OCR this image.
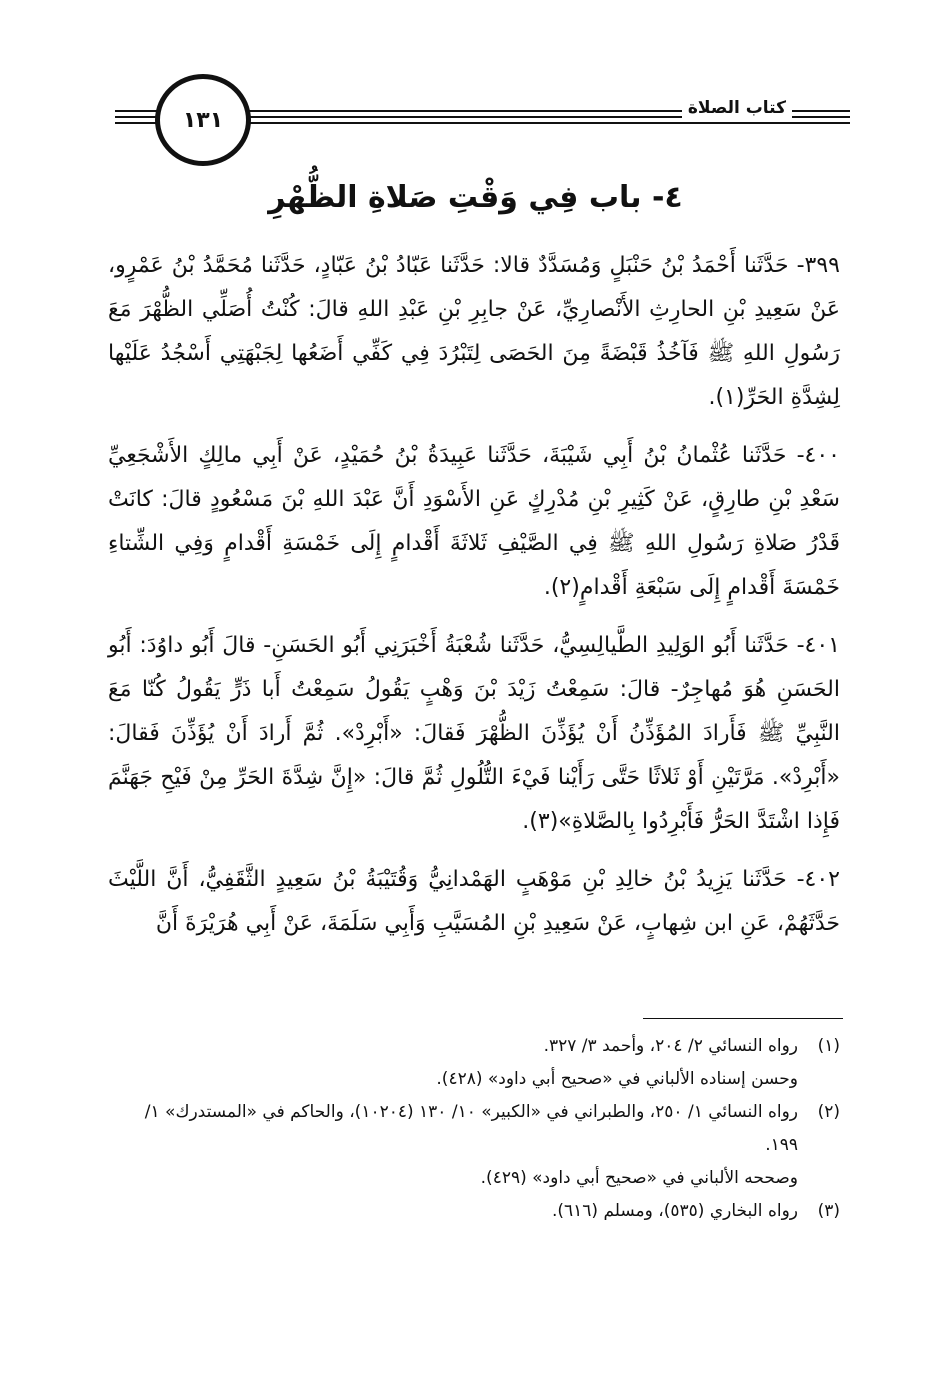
كتاب الصلاة
١٣١
٤- باب فِي وَقْتِ صَلاةِ الظُّهْرِ

٣٩٩- حَدَّثَنا أَحْمَدُ بْنُ حَنْبَلٍ وَمُسَدَّدٌ قالا: حَدَّثَنا عَبّادُ بْنُ عَبّادٍ، حَدَّثَنا مُحَمَّدُ بْنُ عَمْرٍو، عَنْ سَعِيدِ بْنِ الحارِثِ الأَنْصارِيِّ، عَنْ جابِرِ بْنِ عَبْدِ اللهِ قالَ: كُنْتُ أُصَلِّي الظُّهْرَ مَعَ رَسُولِ اللهِ ﷺ فَآخُذُ قَبْضَةً مِنَ الحَصَى لِتَبْرُدَ فِي كَفِّي أَضَعُها لِجَبْهَتِي أَسْجُدُ عَلَيْها لِشِدَّةِ الحَرِّ(١).

٤٠٠- حَدَّثَنا عُثْمانُ بْنُ أَبِي شَيْبَةَ، حَدَّثَنا عَبِيدَةُ بْنُ حُمَيْدٍ، عَنْ أَبِي مالِكٍ الأَشْجَعِيِّ سَعْدِ بْنِ طارِقٍ، عَنْ كَثِيرِ بْنِ مُدْرِكٍ عَنِ الأَسْوَدِ أَنَّ عَبْدَ اللهِ بْنَ مَسْعُودٍ قالَ: كانَتْ قَدْرُ صَلاةِ رَسُولِ اللهِ ﷺ فِي الصَّيْفِ ثَلاثَةَ أَقْدامٍ إِلَى خَمْسَةِ أَقْدامٍ وَفِي الشِّتاءِ خَمْسَةَ أَقْدامٍ إِلَى سَبْعَةِ أَقْدامٍ(٢).

٤٠١- حَدَّثَنا أَبُو الوَلِيدِ الطَّيالِسِيُّ، حَدَّثَنا شُعْبَةُ أَخْبَرَنِي أَبُو الحَسَنِ- قالَ أَبُو داوُدَ: أَبُو الحَسَنِ هُوَ مُهاجِرٌ- قالَ: سَمِعْتُ زَيْدَ بْنَ وَهْبٍ يَقُولُ سَمِعْتُ أَبا ذَرٍّ يَقُولُ كُنّا مَعَ النَّبِيِّ ﷺ فَأَرادَ المُؤَذِّنُ أَنْ يُؤَذِّنَ الظُّهْرَ فَقالَ: «أَبْرِدْ». ثُمَّ أَرادَ أَنْ يُؤَذِّنَ فَقالَ: «أَبْرِدْ». مَرَّتَيْنِ أَوْ ثَلاثًا حَتَّى رَأَيْنا فَيْءَ التُّلُولِ ثُمَّ قالَ: «إِنَّ شِدَّةَ الحَرِّ مِنْ فَيْحِ جَهَنَّمَ فَإِذا اشْتَدَّ الحَرُّ فَأَبْرِدُوا بِالصَّلاةِ»(٣).

٤٠٢- حَدَّثَنا يَزِيدُ بْنُ خالِدِ بْنِ مَوْهَبٍ الهَمْدانِيُّ وَقُتَيْبَةُ بْنُ سَعِيدٍ الثَّقَفِيُّ، أَنَّ اللَّيْثَ حَدَّثَهُمْ، عَنِ ابن شِهابٍ، عَنْ سَعِيدِ بْنِ المُسَيَّبِ وَأَبِي سَلَمَةَ، عَنْ أَبِي هُرَيْرَةَ أَنَّ

(١)
رواه النسائي ٢/ ٢٠٤، وأحمد ٣/ ٣٢٧.

وحسن إسناده الألباني في «صحيح أبي داود» (٤٢٨).

(٢)
رواه النسائي ١/ ٢٥٠، والطبراني في «الكبير» ١٠/ ١٣٠ (١٠٢٠٤)، والحاكم في «المستدرك» ١/ ١٩٩.

وصححه الألباني في «صحيح أبي داود» (٤٢٩).

(٣)
رواه البخاري (٥٣٥)، ومسلم (٦١٦).
